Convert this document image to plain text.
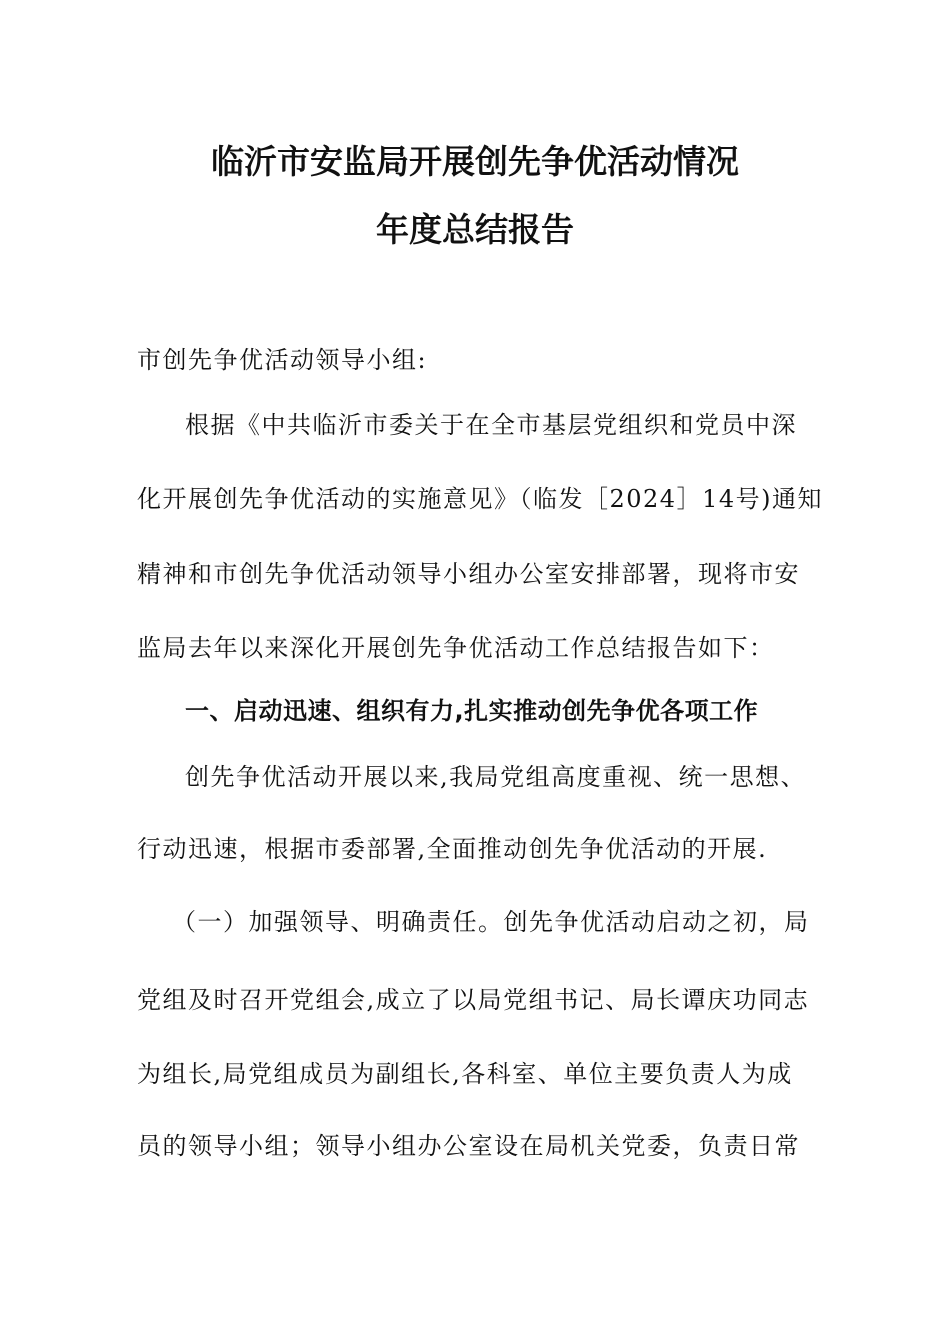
临沂市安监局开展创先争优活动情况
年度总结报告
市创先争优活动领导小组:
根据《中共临沂市委关于在全市基层党组织和党员中深
化开展创先争优活动的实施意见》（临发［2024］14号)通知
精神和市创先争优活动领导小组办公室安排部署，现将市安
监局去年以来深化开展创先争优活动工作总结报告如下：
一、启动迅速、组织有力,扎实推动创先争优各项工作
创先争优活动开展以来,我局党组高度重视、统一思想、
行动迅速，根据市委部署,全面推动创先争优活动的开展.
（一）加强领导、明确责任。创先争优活动启动之初，局
党组及时召开党组会,成立了以局党组书记、局长谭庆功同志
为组长,局党组成员为副组长,各科室、单位主要负责人为成
员的领导小组；领导小组办公室设在局机关党委，负责日常
